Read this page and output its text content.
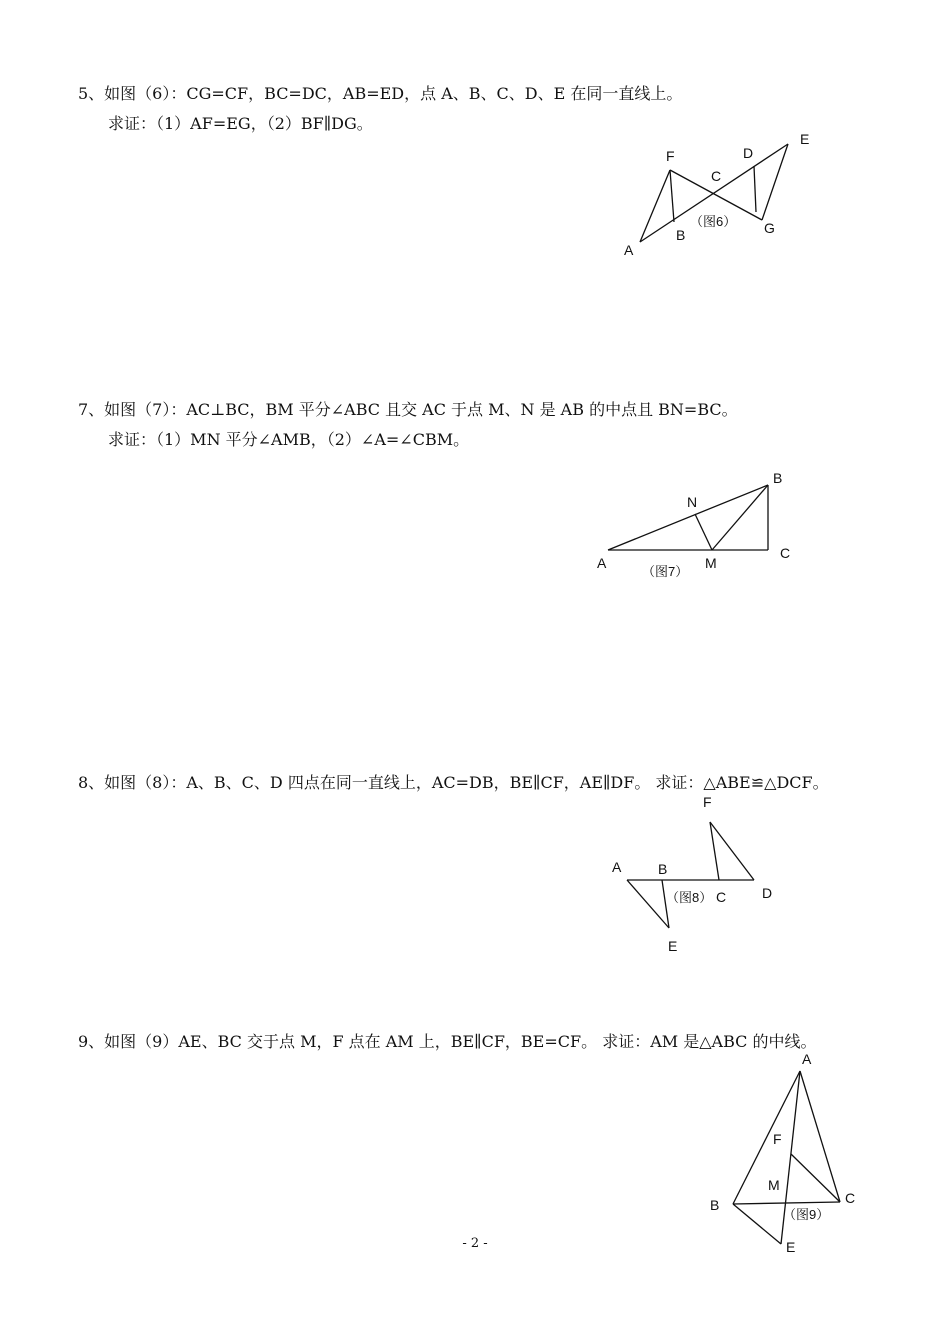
5、如图（6）：CG=CF，BC=DC，AB=ED，点 A、B、C、D、E 在同一直线上。
求证：（1）AF=EG，（2）BF∥DG。
7、如图（7）：AC⊥BC，BM 平分∠ABC 且交 AC 于点 M、N 是 AB 的中点且 BN=BC。
求证：（1）MN 平分∠AMB，（2）∠A=∠CBM。
8、如图（8）：A、B、C、D 四点在同一直线上，AC=DB，BE∥CF，AE∥DF。 求证：△ABE≌△DCF。
9、如图（9）AE、BC 交于点 M，F 点在 AM 上，BE∥CF，BE=CF。 求证：AM 是△ABC 的中线。
A
B
C
D
E
F
G
（图6）
A
B
C
M
N
（图7）
A	B
C	D
E
F
（图8）
A
B	C
E
F
M
（图9）
- 2 -
